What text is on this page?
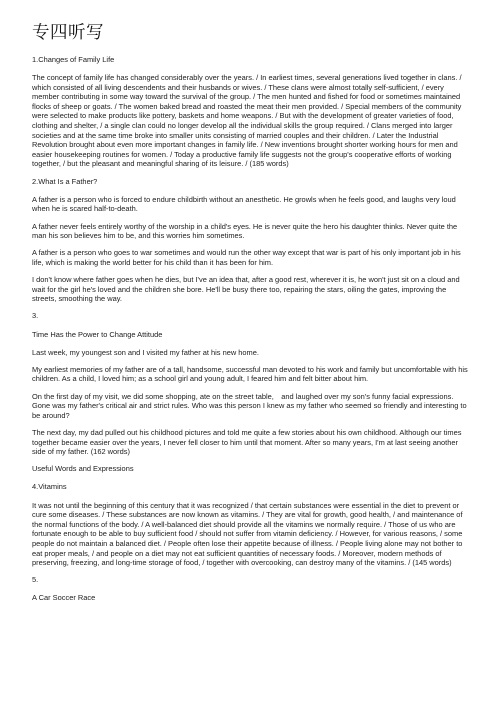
专四听写

1.Changes of Family Life

The concept of family life has changed considerably over the years. / In earliest times, several generations lived together in clans. / which consisted of all living descendents and their husbands or wives. / These clans were almost totally self-sufficient, / every member contributing in some way toward the survival of the group. / The men hunted and fished for food or sometimes maintained flocks of sheep or goats. / The women baked bread and roasted the meat their men provided. / Special members of the community were selected to make products like pottery, baskets and home weapons. / But with the development of greater varieties of food, clothing and shelter, / a single clan could no longer develop all the individual skills the group required. / Clans merged into larger societies and at the same time broke into smaller units consisting of married couples and their children. / Later the Industrial Revolution brought about even more important changes in family life. / New inventions brought shorter working hours for men and easier housekeeping routines for women. / Today a productive family life suggests not the group's cooperative efforts of working together, / but the pleasant and meaningful sharing of its leisure. / (185 words)

2.What Is a Father?

A father is a person who is forced to endure childbirth without an anesthetic. He growls when he feels good, and laughs very loud when he is scared half-to-death.

A father never feels entirely worthy of the worship in a child's eyes. He is never quite the hero his daughter thinks. Never quite the man his son believes him to be, and this worries him sometimes.

A father is a person who goes to war sometimes and would run the other way except that war is part of his only important job in his life, which is making the world better for his child than it has been for him.

I don't know where father goes when he dies, but I've an idea that, after a good rest, wherever it is, he won't just sit on a cloud and wait for the girl he's loved and the children she bore. He'll be busy there too, repairing the stars, oiling the gates, improving the streets, smoothing the way.

3.

Time Has the Power to Change Attitude

Last week, my youngest son and I visited my father at his new home.

My earliest memories of my father are of a tall, handsome, successful man devoted to his work and family but uncomfortable with his children. As a child, I loved him; as a school girl and young adult, I feared him and felt bitter about him.

On the first day of my visit, we did some shopping, ate on the street table,　and laughed over my son's funny facial expressions. Gone was my father's critical air and strict rules. Who was this person I knew as my father who seemed so friendly and interesting to be around?

The next day, my dad pulled out his childhood pictures and told me quite a few stories about his own childhood. Although our times together became easier over the years, I never fell closer to him until that moment. After so many years, I'm at last seeing another side of my father. (162 words)

Useful Words and Expressions

4.Vitamins

It was not until the beginning of this century that it was recognized / that certain substances were essential in the diet to prevent or cure some diseases. / These substances are now known as vitamins. / They are vital for growth, good health, / and maintenance of the normal functions of the body. / A well-balanced diet should provide all the vitamins we normally require. / Those of us who are fortunate enough to be able to buy sufficient food / should not suffer from vitamin deficiency. / However, for various reasons, / some people do not maintain a balanced diet. / People often lose their appetite because of illness. / People living alone may not bother to eat proper meals, / and people on a diet may not eat sufficient quantities of necessary foods. / Moreover, modern methods of preserving, freezing, and long-time storage of food, / together with overcooking, can destroy many of the vitamins. / (145 words)

5.

A Car Soccer Race
